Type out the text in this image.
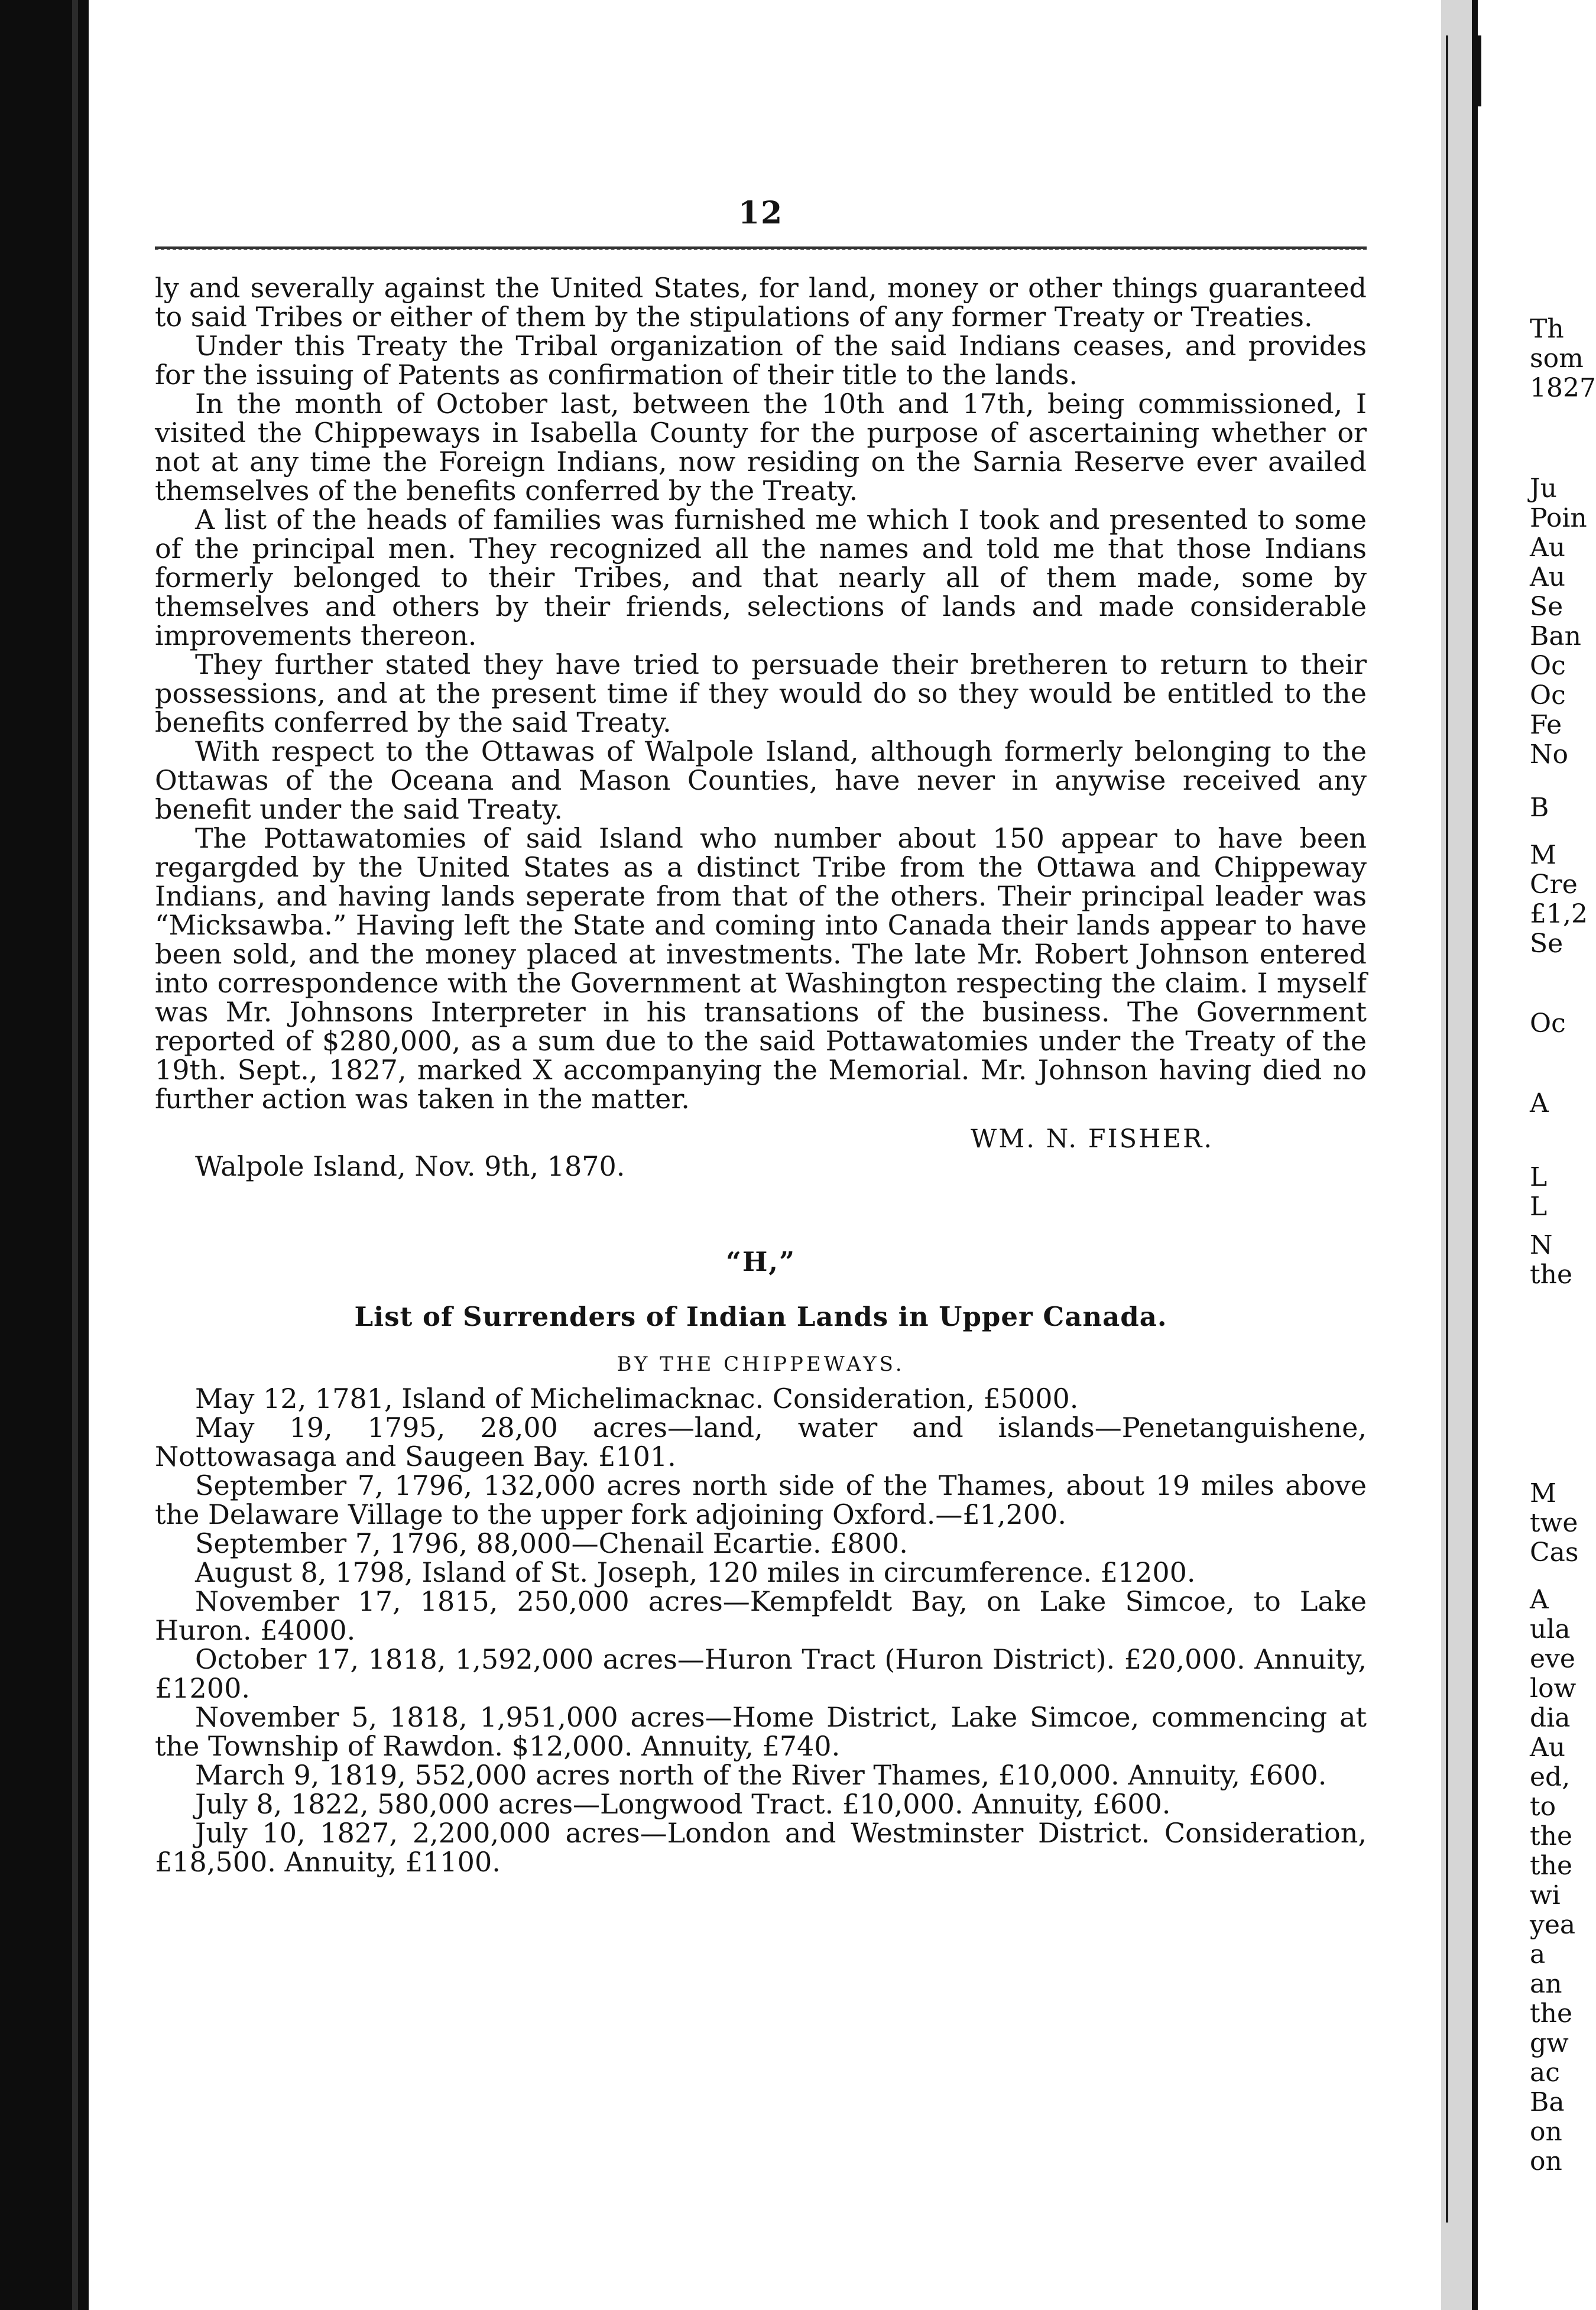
12

ly and severally against the United States, for land, money or other things guaranteed to said Tribes or either of them by the stipulations of any former Treaty or Treaties.

Under this Treaty the Tribal organization of the said Indians ceases, and provides for the issuing of Patents as confirmation of their title to the lands.

In the month of October last, between the 10th and 17th, being commissioned, I visited the Chippeways in Isabella County for the purpose of ascertaining whether or not at any time the Foreign Indians, now residing on the Sarnia Reserve ever availed themselves of the benefits conferred by the Treaty.

A list of the heads of families was furnished me which I took and presented to some of the principal men. They recognized all the names and told me that those Indians formerly belonged to their Tribes, and that nearly all of them made, some by themselves and others by their friends, selections of lands and made considerable improvements thereon.

They further stated they have tried to persuade their bretheren to return to their possessions, and at the present time if they would do so they would be entitled to the benefits conferred by the said Treaty.

With respect to the Ottawas of Walpole Island, although formerly belonging to the Ottawas of the Oceana and Mason Counties, have never in anywise received any benefit under the said Treaty.

The Pottawatomies of said Island who number about 150 appear to have been regargded by the United States as a distinct Tribe from the Ottawa and Chippeway Indians, and having lands seperate from that of the others. Their principal leader was “Micksawba.” Having left the State and coming into Canada their lands appear to have been sold, and the money placed at investments. The late Mr. Robert Johnson entered into correspondence with the Government at Washington respecting the claim. I myself was Mr. Johnsons Interpreter in his transations of the business. The Government reported of $280,000, as a sum due to the said Pottawatomies under the Treaty of the 19th. Sept., 1827, marked X accompanying the Memorial. Mr. Johnson having died no further action was taken in the matter.

WM. N. FISHER.
Walpole Island, Nov. 9th, 1870.
“H,”
List of Surrenders of Indian Lands in Upper Canada.
BY THE CHIPPEWAYS.

May 12, 1781, Island of Michelimacknac. Consideration, £5000.

May 19, 1795, 28,00 acres—land, water and islands—Penetanguishene, Nottowasaga and Saugeen Bay. £101.

September 7, 1796, 132,000 acres north side of the Thames, about 19 miles above the Delaware Village to the upper fork adjoining Oxford.—£1,200.

September 7, 1796, 88,000—Chenail Ecartie. £800.

August 8, 1798, Island of St. Joseph, 120 miles in circumference. £1200.

November 17, 1815, 250,000 acres—Kempfeldt Bay, on Lake Simcoe, to Lake Huron. £4000.

October 17, 1818, 1,592,000 acres—Huron Tract (Huron District). £20,000. Annuity, £1200.

November 5, 1818, 1,951,000 acres—Home District, Lake Simcoe, commencing at the Township of Rawdon. $12,000. Annuity, £740.

March 9, 1819, 552,000 acres north of the River Thames, £10,000. Annuity, £600.

July 8, 1822, 580,000 acres—Longwood Tract. £10,000. Annuity, £600.

July 10, 1827, 2,200,000 acres—London and Westminster District. Consideration, £18,500. Annuity, £1100.

Th
som
1827
Ju
Poin
Au
Au
Se
Ban
Oc
Oc
Fe
No
B
M
Cre
£1,2
Se
Oc
A
L
L
N
the
M
twe
Cas
A
ula
eve
low
dia
Au
ed,
to
the
the
wi
yea
a
an
the
gw
ac
Ba
on
on
